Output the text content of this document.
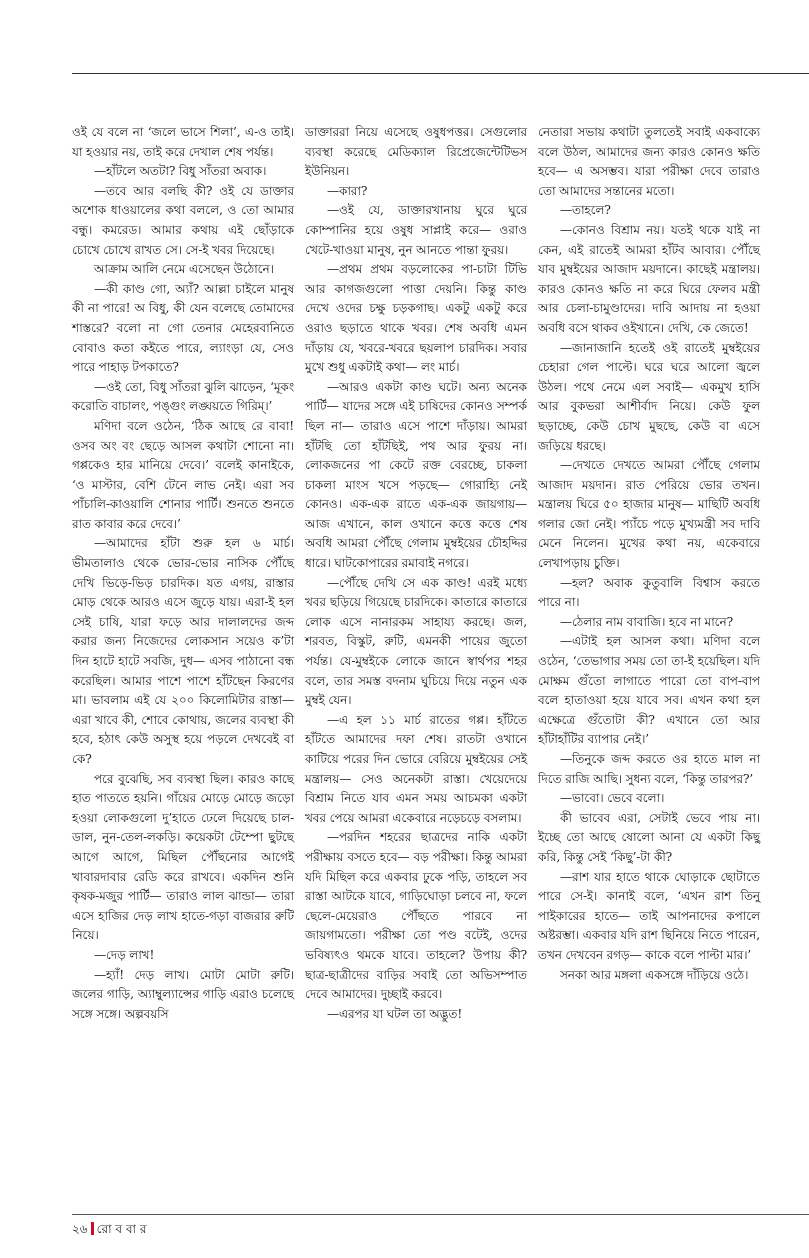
ওই যে বলে না ‘জলে ভাসে শিলা’, এ-ও তাই। যা হওয়ার নয়, তাই করে দেখাল শেষ পর্যন্ত।

—হাঁটলে অতটা? বিধু সাঁতরা অবাক।

—তবে আর বলছি কী? ওই যে ডাক্তার অশোক ধাওয়ালের কথা বললে, ও তো আমার বন্ধু। কমরেড। আমার কথায় এই ছোঁড়াকে চোখে চোখে রাখত সে। সে-ই খবর দিয়েছে।

আক্রাম আলি নেমে এসেছেন উঠোনে।

—কী কাণ্ড গো, অ্যাঁ? আল্লা চাইলে মানুষ কী না পারে! অ বিধু, কী যেন বলেছে তোমাদের শাস্তরে? বলো না গো তেনার মেহেরবানিতে বোবাও কতা কইতে পারে, ল্যাংড়া যে, সেও পারে পাহাড় টপকাতে?

—ওই তো, বিধু সাঁতরা ঝুলি ঝাড়েন, ‘মূকং করোতি বাচালং, পঙ্গুং লঙ্ঘয়তে গিরিম্।’

মণিদা বলে ওঠেন, ‘ঠিক আছে রে বাবা! ওসব অং বং ছেড়ে আসল কথাটা শোনো না। গপ্পকেও হার মানিয়ে দেবে।’ বলেই কানাইকে, ‘ও মাস্টার, বেশি টেনে লাভ নেই। এরা সব পাঁচালি-কাওয়ালি শোনার পার্টি। শুনতে শুনতে রাত কাবার করে দেবে।’

—আমাদের হাঁটা শুরু হল ৬ মার্চ। ভীমতালাও থেকে ভোর-ভোর নাসিক পৌঁছে দেখি ভিড়ে-ভিড় চারদিক। যত এগয়, রাস্তার মোড় থেকে আরও এসে জুড়ে যায়। এরা-ই হল সেই চাষি, যারা ফড়ে আর দালালদের জব্দ করার জন্য নিজেদের লোকসান সয়েও ক’টা দিন হাটে হাটে সবজি, দুধ— এসব পাঠানো বন্ধ করেছিল। আমার পাশে পাশে হাঁটছেন কিরণের মা। ভাবলাম এই যে ২০০ কিলোমিটার রাস্তা— এরা খাবে কী, শোবে কোথায়, জলের ব্যবস্থা কী হবে, হঠাৎ কেউ অসুস্থ হয়ে পড়লে দেখবেই বা কে?

পরে বুঝেছি, সব ব্যবস্থা ছিল। কারও কাছে হাত পাততে হয়নি। গাঁয়ের মোড়ে মোড়ে জড়ো হওয়া লোকগুলো দু’হাতে ঢেলে দিয়েছে চাল-ডাল, নুন-তেল-লকড়ি। কয়েকটা টেম্পো ছুটছে আগে আগে, মিছিল পৌঁছনোর আগেই খাবারদাবার রেডি করে রাখবে। একদিন শুনি কৃষক-মজুর পার্টি— তারাও লাল ঝান্ডা— তারা এসে হাজির দেড় লাখ হাতে-গড়া বাজরার রুটি নিয়ে।

—দেড় লাখ!

—হ্যাঁ! দেড় লাখ। মোটা মোটা রুটি। জলের গাড়ি, অ্যাম্বুল্যান্সের গাড়ি এরাও চলেছে সঙ্গে সঙ্গে। অল্পবয়সি

ডাক্তাররা নিয়ে এসেছে ওষুধপত্তর। সেগুলোর ব্যবস্থা করেছে মেডিক্যাল রিপ্রেজেন্টেটিভস ইউনিয়ন।

—কারা?

—ওই যে, ডাক্তারখানায় ঘুরে ঘুরে কোম্পানির হয়ে ওষুধ সাপ্লাই করে— ওরাও খেটে-খাওয়া মানুষ, নুন আনতে পান্তা ফুরয়।

—প্রথম প্রথম বড়লোকের পা-চাটা টিভি আর কাগজগুলো পাত্তা দেয়নি। কিন্তু কাণ্ড দেখে ওদের চক্ষু চড়কগাছ। একটু একটু করে ওরাও ছড়াতে থাকে খবর। শেষ অবধি এমন দাঁড়ায় যে, খবরে-খবরে ছয়লাপ চারদিক। সবার মুখে শুধু একটাই কথা— লং মার্চ।

—আরও একটা কাণ্ড ঘটে। অন্য অনেক পার্টি— যাদের সঙ্গে এই চাষিদের কোনও সম্পর্ক ছিল না— তারাও এসে পাশে দাঁড়ায়। আমরা হাঁটছি তো হাঁটছিই, পথ আর ফুরয় না। লোকজনের পা কেটে রক্ত বেরচ্ছে, চাকলা চাকলা মাংস খসে পড়ছে— গোরাহ্যি নেই কোনও। এক-এক রাতে এক-এক জায়গায়— আজ এখানে, কাল ওখানে কত্তে কত্তে শেষ অবধি আমরা পৌঁছে গেলাম মুম্বইয়ের চৌহদ্দির ধারে। ঘাটকোপারের রমাবাই নগরে।

—পৌঁছে দেখি সে এক কাণ্ড! এরই মধ্যে খবর ছড়িয়ে গিয়েছে চারদিকে। কাতারে কাতারে লোক এসে নানারকম সাহায্য করছে। জল, শরবত, বিস্কুট, রুটি, এমনকী পায়ের জুতো পর্যন্ত। যে-মুম্বইকে লোকে জানে স্বার্থপর শহর বলে, তার সমস্ত বদনাম ঘুচিয়ে দিয়ে নতুন এক মুম্বই যেন।

—এ হল ১১ মার্চ রাতের গপ্প। হাঁটতে হাঁটতে আমাদের দফা শেষ। রাতটা ওখানে কাটিয়ে পরের দিন ভোরে বেরিয়ে মুম্বইয়ের সেই মন্ত্রালয়— সেও অনেকটা রাস্তা। খেয়েদেয়ে বিশ্রাম নিতে যাব এমন সময় আচমকা একটা খবর পেয়ে আমরা একেবারে নড়েচড়ে বসলাম।

—পরদিন শহরের ছাত্রদের নাকি একটা পরীক্ষায় বসতে হবে— বড় পরীক্ষা। কিন্তু আমরা যদি মিছিল করে একবার ঢুকে পড়ি, তাহলে সব রাস্তা আটকে যাবে, গাড়িঘোড়া চলবে না, ফলে ছেলে-মেয়েরাও পৌঁছতে পারবে না জায়গামতো। পরীক্ষা তো পণ্ড বটেই, ওদের ভবিষ্যৎও থমকে যাবে। তাহলে? উপায় কী? ছাত্র-ছাত্রীদের বাড়ির সবাই তো অভিসম্পাত দেবে আমাদের। দুচ্ছাই করবে।

—এরপর যা ঘটল তা অদ্ভুত!

নেতারা সভায় কথাটা তুলতেই সবাই একবাক্যে বলে উঠল, আমাদের জন্য কারও কোনও ক্ষতি হবে— এ অসম্ভব। যারা পরীক্ষা দেবে তারাও তো আমাদের সন্তানের মতো।

—তাহলে?

—কোনও বিশ্রাম নয়। যতই থকে যাই না কেন, এই রাতেই আমরা হাঁটব আবার। পৌঁছে যাব মুম্বইয়ের আজাদ ময়দানে। কাছেই মন্ত্রালয়। কারও কোনও ক্ষতি না করে ঘিরে ফেলব মন্ত্রী আর চেলা-চামুণ্ডাদের। দাবি আদায় না হওয়া অবধি বসে থাকব ওইখানে। দেখি, কে জেতে!

—জানাজানি হতেই ওই রাতেই মুম্বইয়ের চেহারা গেল পাল্টে। ঘরে ঘরে আলো জ্বলে উঠল। পথে নেমে এল সবাই— একমুখ হাসি আর বুকভরা আশীর্বাদ নিয়ে। কেউ ফুল ছড়াচ্ছে, কেউ চোখ মুছছে, কেউ বা এসে জড়িয়ে ধরছে।

—দেখতে দেখতে আমরা পৌঁছে গেলাম আজাদ ময়দান। রাত পেরিয়ে ভোর তখন। মন্ত্রালয় ঘিরে ৫০ হাজার মানুষ— মাছিটি অবধি গলার জো নেই। প্যাঁচে পড়ে মুখ্যমন্ত্রী সব দাবি মেনে নিলেন। মুখের কথা নয়, একেবারে লেখাপড়ায় চুক্তি।

—হল? অবাক কুতুবালি বিশ্বাস করতে পারে না।

—ঠেলার নাম বাবাজি। হবে না মানে?

—এটাই হল আসল কথা। মণিদা বলে ওঠেন, ‘তেভাগার সময় তো তা-ই হয়েছিল। যদি মোক্ষম গুঁতো লাগাতে পারো তো বাপ-বাপ বলে হাতাওয়া হয়ে যাবে সব। এখন কথা হল এক্ষেত্রে গুঁতোটা কী? এখানে তো আর হাঁটাহাঁটির ব্যাপার নেই।’

—তিনুকে জব্দ করতে ওর হাতে মাল না দিতে রাজি আছি। সুধন্য বলে, ‘কিন্তু তারপর?’

—ভাবো। ভেবে বলো।

কী ভাবেব এরা, সেটাই ভেবে পায় না। ইচ্ছে তো আছে ষোলো আনা যে একটা কিছু করি, কিন্তু সেই ‘কিছু’-টা কী?

—রাশ যার হাতে থাকে ঘোড়াকে ছোটাতে পারে সে-ই। কানাই বলে, ‘এখন রাশ তিনু পাইকারের হাতে— তাই আপনাদের কপালে অষ্টরম্ভা। একবার যদি রাশ ছিনিয়ে নিতে পারেন, তখন দেখবেন রগড়— কাকে বলে পাল্টা মার।’

সনকা আর মঙ্গলা একসঙ্গে দাঁড়িয়ে ওঠে।

২৬ রো ব বা র
